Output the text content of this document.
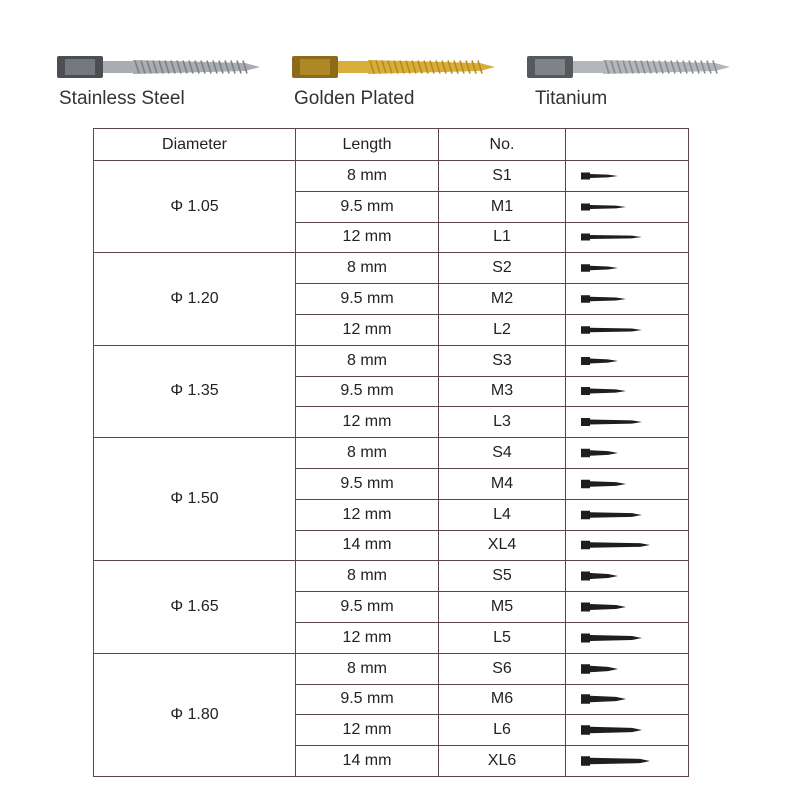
Stainless Steel	Golden Plated	Titanium
Diameter	Length	No.	
Φ 1.05	8 mm	S1	

	9.5 mm	M1	

	12 mm	L1	

Φ 1.20	8 mm	S2	

	9.5 mm	M2	

	12 mm	L2	

Φ 1.35	8 mm	S3	

	9.5 mm	M3	

	12 mm	L3	

Φ 1.50	8 mm	S4	

	9.5 mm	M4	

	12 mm	L4	

	14 mm	XL4	

Φ 1.65	8 mm	S5	

	9.5 mm	M5	

	12 mm	L5	

Φ 1.80	8 mm	S6	

	9.5 mm	M6	

	12 mm	L6	

	14 mm	XL6	
